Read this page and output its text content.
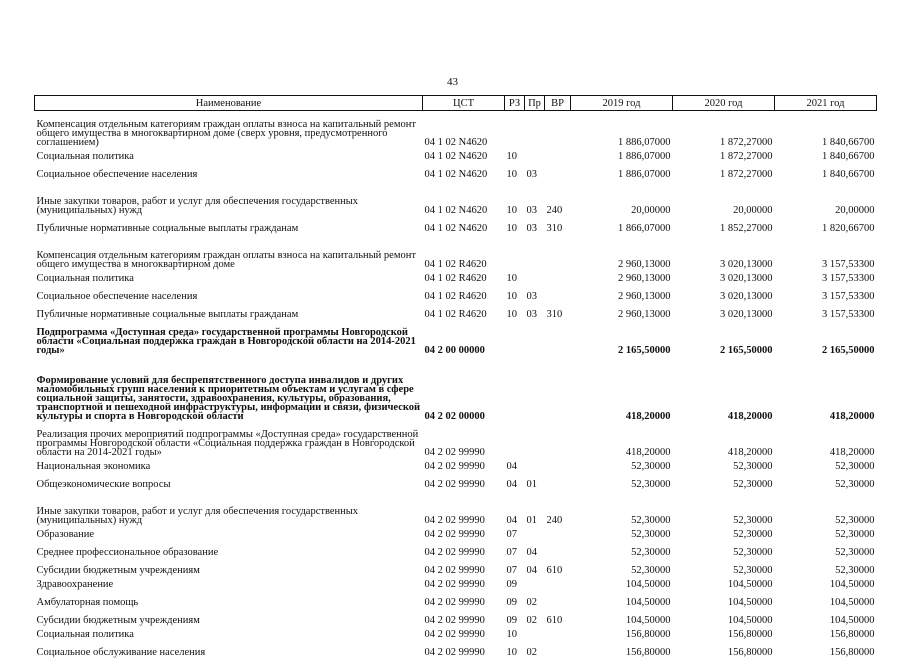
43
Наименование	ЦСТ	РЗ	Пр	ВР	2019 год	2020 год	2021 год
Компенсация отдельным категориям граждан оплаты взноса на капитальный ремонт общего имущества в многоквартирном доме (сверх уровня, предусмотренного соглашением)	04 1 02 N4620				1 886,07000	1 872,27000	1 840,66700
Социальная политика	04 1 02 N4620	10			1 886,07000	1 872,27000	1 840,66700
Социальное обеспечение населения	04 1 02 N4620	10	03		1 886,07000	1 872,27000	1 840,66700
Иные закупки товаров, работ и услуг для обеспечения государственных (муниципальных) нужд	04 1 02 N4620	10	03	240	20,00000	20,00000	20,00000
Публичные нормативные социальные выплаты гражданам	04 1 02 N4620	10	03	310	1 866,07000	1 852,27000	1 820,66700
Компенсация отдельным категориям граждан оплаты взноса на капитальный ремонт общего имущества в многоквартирном доме	04 1 02 R4620				2 960,13000	3 020,13000	3 157,53300
Социальная политика	04 1 02 R4620	10			2 960,13000	3 020,13000	3 157,53300
Социальное обеспечение населения	04 1 02 R4620	10	03		2 960,13000	3 020,13000	3 157,53300
Публичные нормативные социальные выплаты гражданам	04 1 02 R4620	10	03	310	2 960,13000	3 020,13000	3 157,53300
Подпрограмма «Доступная среда» государственной программы Новгородской области «Социальная поддержка граждан в Новгородской области на 2014-2021 годы»	04 2 00 00000				2 165,50000	2 165,50000	2 165,50000
Формирование условий для беспрепятственного доступа инвалидов и других маломобильных групп населения к приоритетным объектам и услугам в сфере социальной защиты, занятости, здравоохранения, культуры, образования, транспортной и пешеходной инфраструктуры, информации и связи, физической культуры и спорта в Новгородской области	04 2 02 00000				418,20000	418,20000	418,20000
Реализация прочих мероприятий подпрограммы «Доступная среда» государственной программы Новгородской области «Социальная поддержка граждан в Новгородской области на 2014-2021 годы»	04 2 02 99990				418,20000	418,20000	418,20000
Национальная экономика	04 2 02 99990	04			52,30000	52,30000	52,30000
Общеэкономические вопросы	04 2 02 99990	04	01		52,30000	52,30000	52,30000
Иные закупки товаров, работ и услуг для обеспечения государственных (муниципальных) нужд	04 2 02 99990	04	01	240	52,30000	52,30000	52,30000
Образование	04 2 02 99990	07			52,30000	52,30000	52,30000
Среднее профессиональное образование	04 2 02 99990	07	04		52,30000	52,30000	52,30000
Субсидии бюджетным учреждениям	04 2 02 99990	07	04	610	52,30000	52,30000	52,30000
Здравоохранение	04 2 02 99990	09			104,50000	104,50000	104,50000
Амбулаторная помощь	04 2 02 99990	09	02		104,50000	104,50000	104,50000
Субсидии бюджетным учреждениям	04 2 02 99990	09	02	610	104,50000	104,50000	104,50000
Социальная политика	04 2 02 99990	10			156,80000	156,80000	156,80000
Социальное обслуживание населения	04 2 02 99990	10	02		156,80000	156,80000	156,80000
